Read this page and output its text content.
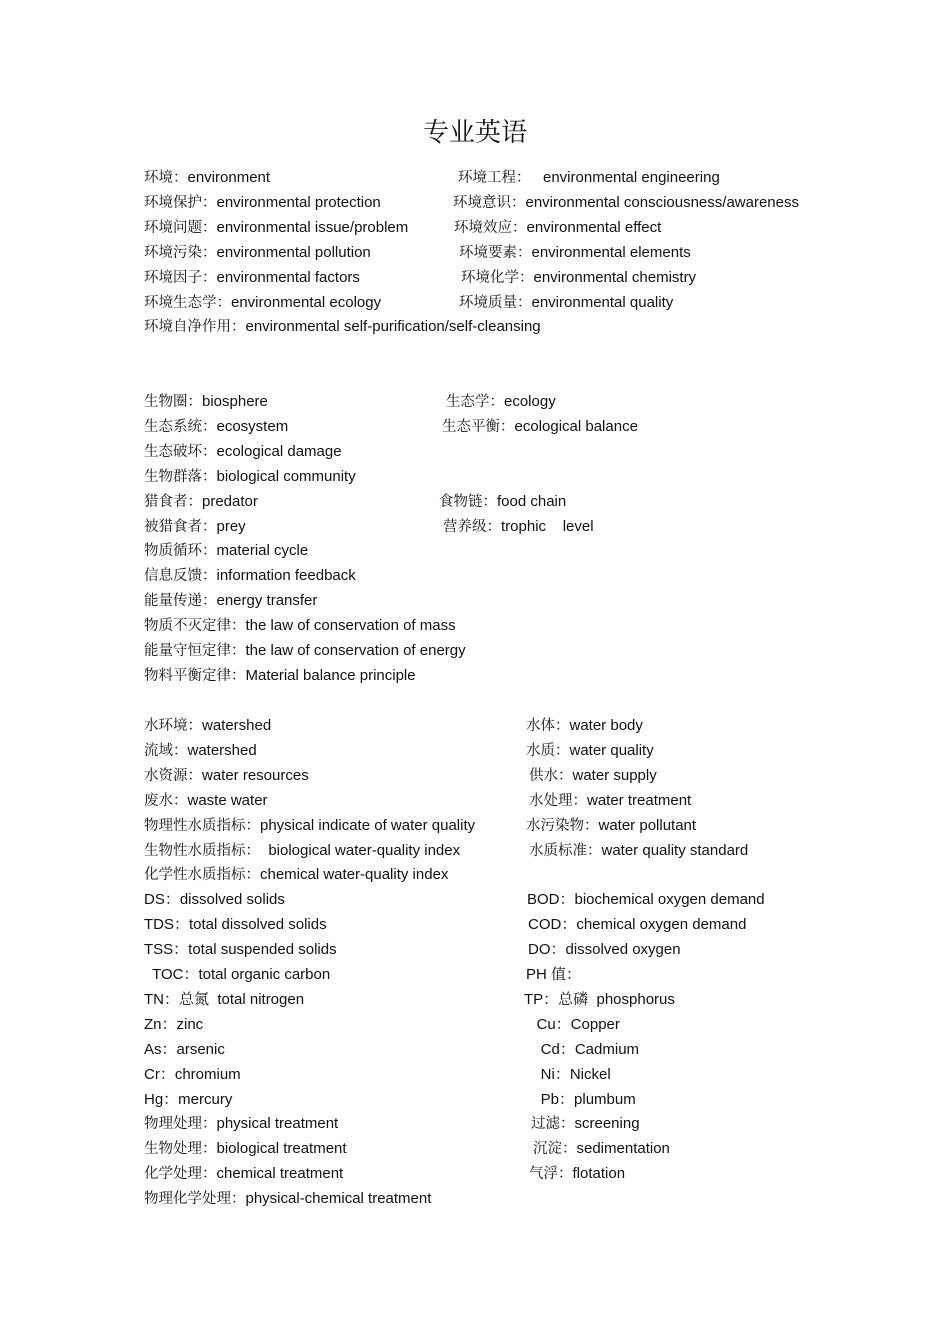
专业英语
环境：environment	环境工程：   environmental engineering
环境保护：environmental protection	环境意识：environmental consciousness/awareness
环境问题：environmental issue/problem	环境效应：environmental effect
环境污染：environmental pollution	环境要素：environmental elements
环境因子：environmental factors	环境化学：environmental chemistry
环境生态学：environmental ecology	环境质量：environmental quality
环境自净作用：environmental self-purification/self-cleansing
生物圈：biosphere	生态学：ecology
生态系统：ecosystem	生态平衡：ecological balance
生态破坏：ecological damage
生物群落：biological community
猎食者：predator	食物链：food chain
被猎食者：prey	营养级：trophic    level
物质循环：material cycle
信息反馈：information feedback
能量传递：energy transfer
物质不灭定律：the law of conservation of mass
能量守恒定律：the law of conservation of energy
物料平衡定律：Material balance principle
水环境：watershed	水体：water body
流域：watershed	水质：water quality
水资源：water resources	供水：water supply
废水：waste water	水处理：water treatment
物理性水质指标：physical indicate of water quality	水污染物：water pollutant
生物性水质指标：  biological water-quality index	水质标准：water quality standard
化学性水质指标：chemical water-quality index
DS：dissolved solids	BOD：biochemical oxygen demand
TDS：total dissolved solids	COD：chemical oxygen demand
TSS：total suspended solids	DO：dissolved oxygen
TOC：total organic carbon	PH 值：
TN：总氮  total nitrogen	TP：总磷  phosphorus
Zn：zinc	Cu：Copper
As：arsenic	Cd：Cadmium
Cr：chromium	Ni：Nickel
Hg：mercury	Pb：plumbum
物理处理：physical treatment	过滤：screening
生物处理：biological treatment	沉淀：sedimentation
化学处理：chemical treatment	气浮：flotation
物理化学处理：physical-chemical treatment
